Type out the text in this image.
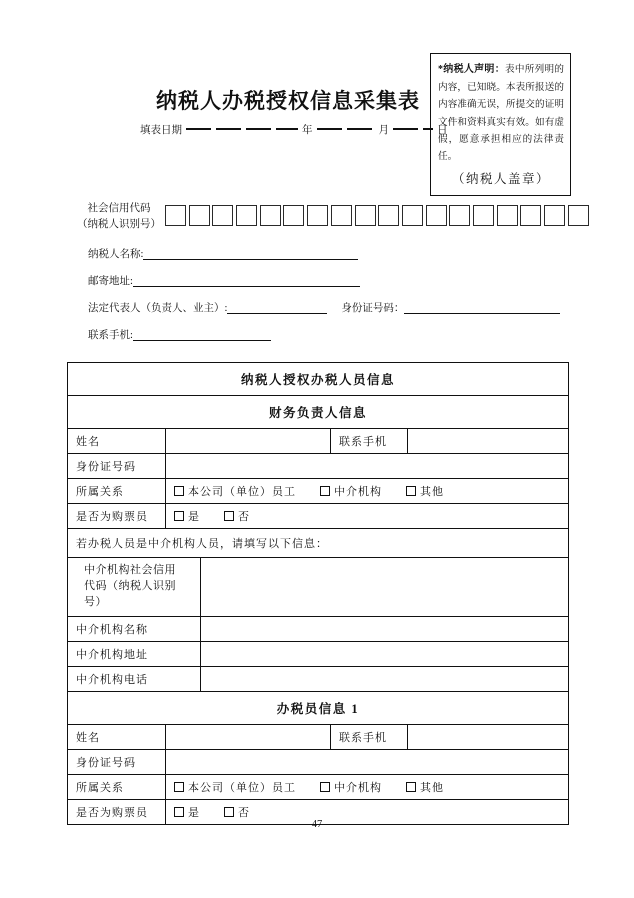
纳税人办税授权信息采集表
填表日期	年	月	日
*纳税人声明：表中所列明的内容，已知晓。本表所报送的内容准确无误，所提交的证明文件和资料真实有效。如有虚假，愿意承担相应的法律责任。
（纳税人盖章）
社会信用代码
（纳税人识别号）
纳税人名称:
邮寄地址:
法定代表人（负责人、业主）:	身份证号码：
联系手机:
纳税人授权办税人员信息
财务负责人信息
姓名	联系手机
身份证号码
所属关系	本公司（单位）员工	中介机构	其他
是否为购票员	是	否
若办税人员是中介机构人员，请填写以下信息：
中介机构社会信用代码（纳税人识别号）
中介机构名称
中介机构地址
中介机构电话
办税员信息 1
姓名	联系手机
身份证号码
所属关系	本公司（单位）员工	中介机构	其他
是否为购票员	是	否
47
